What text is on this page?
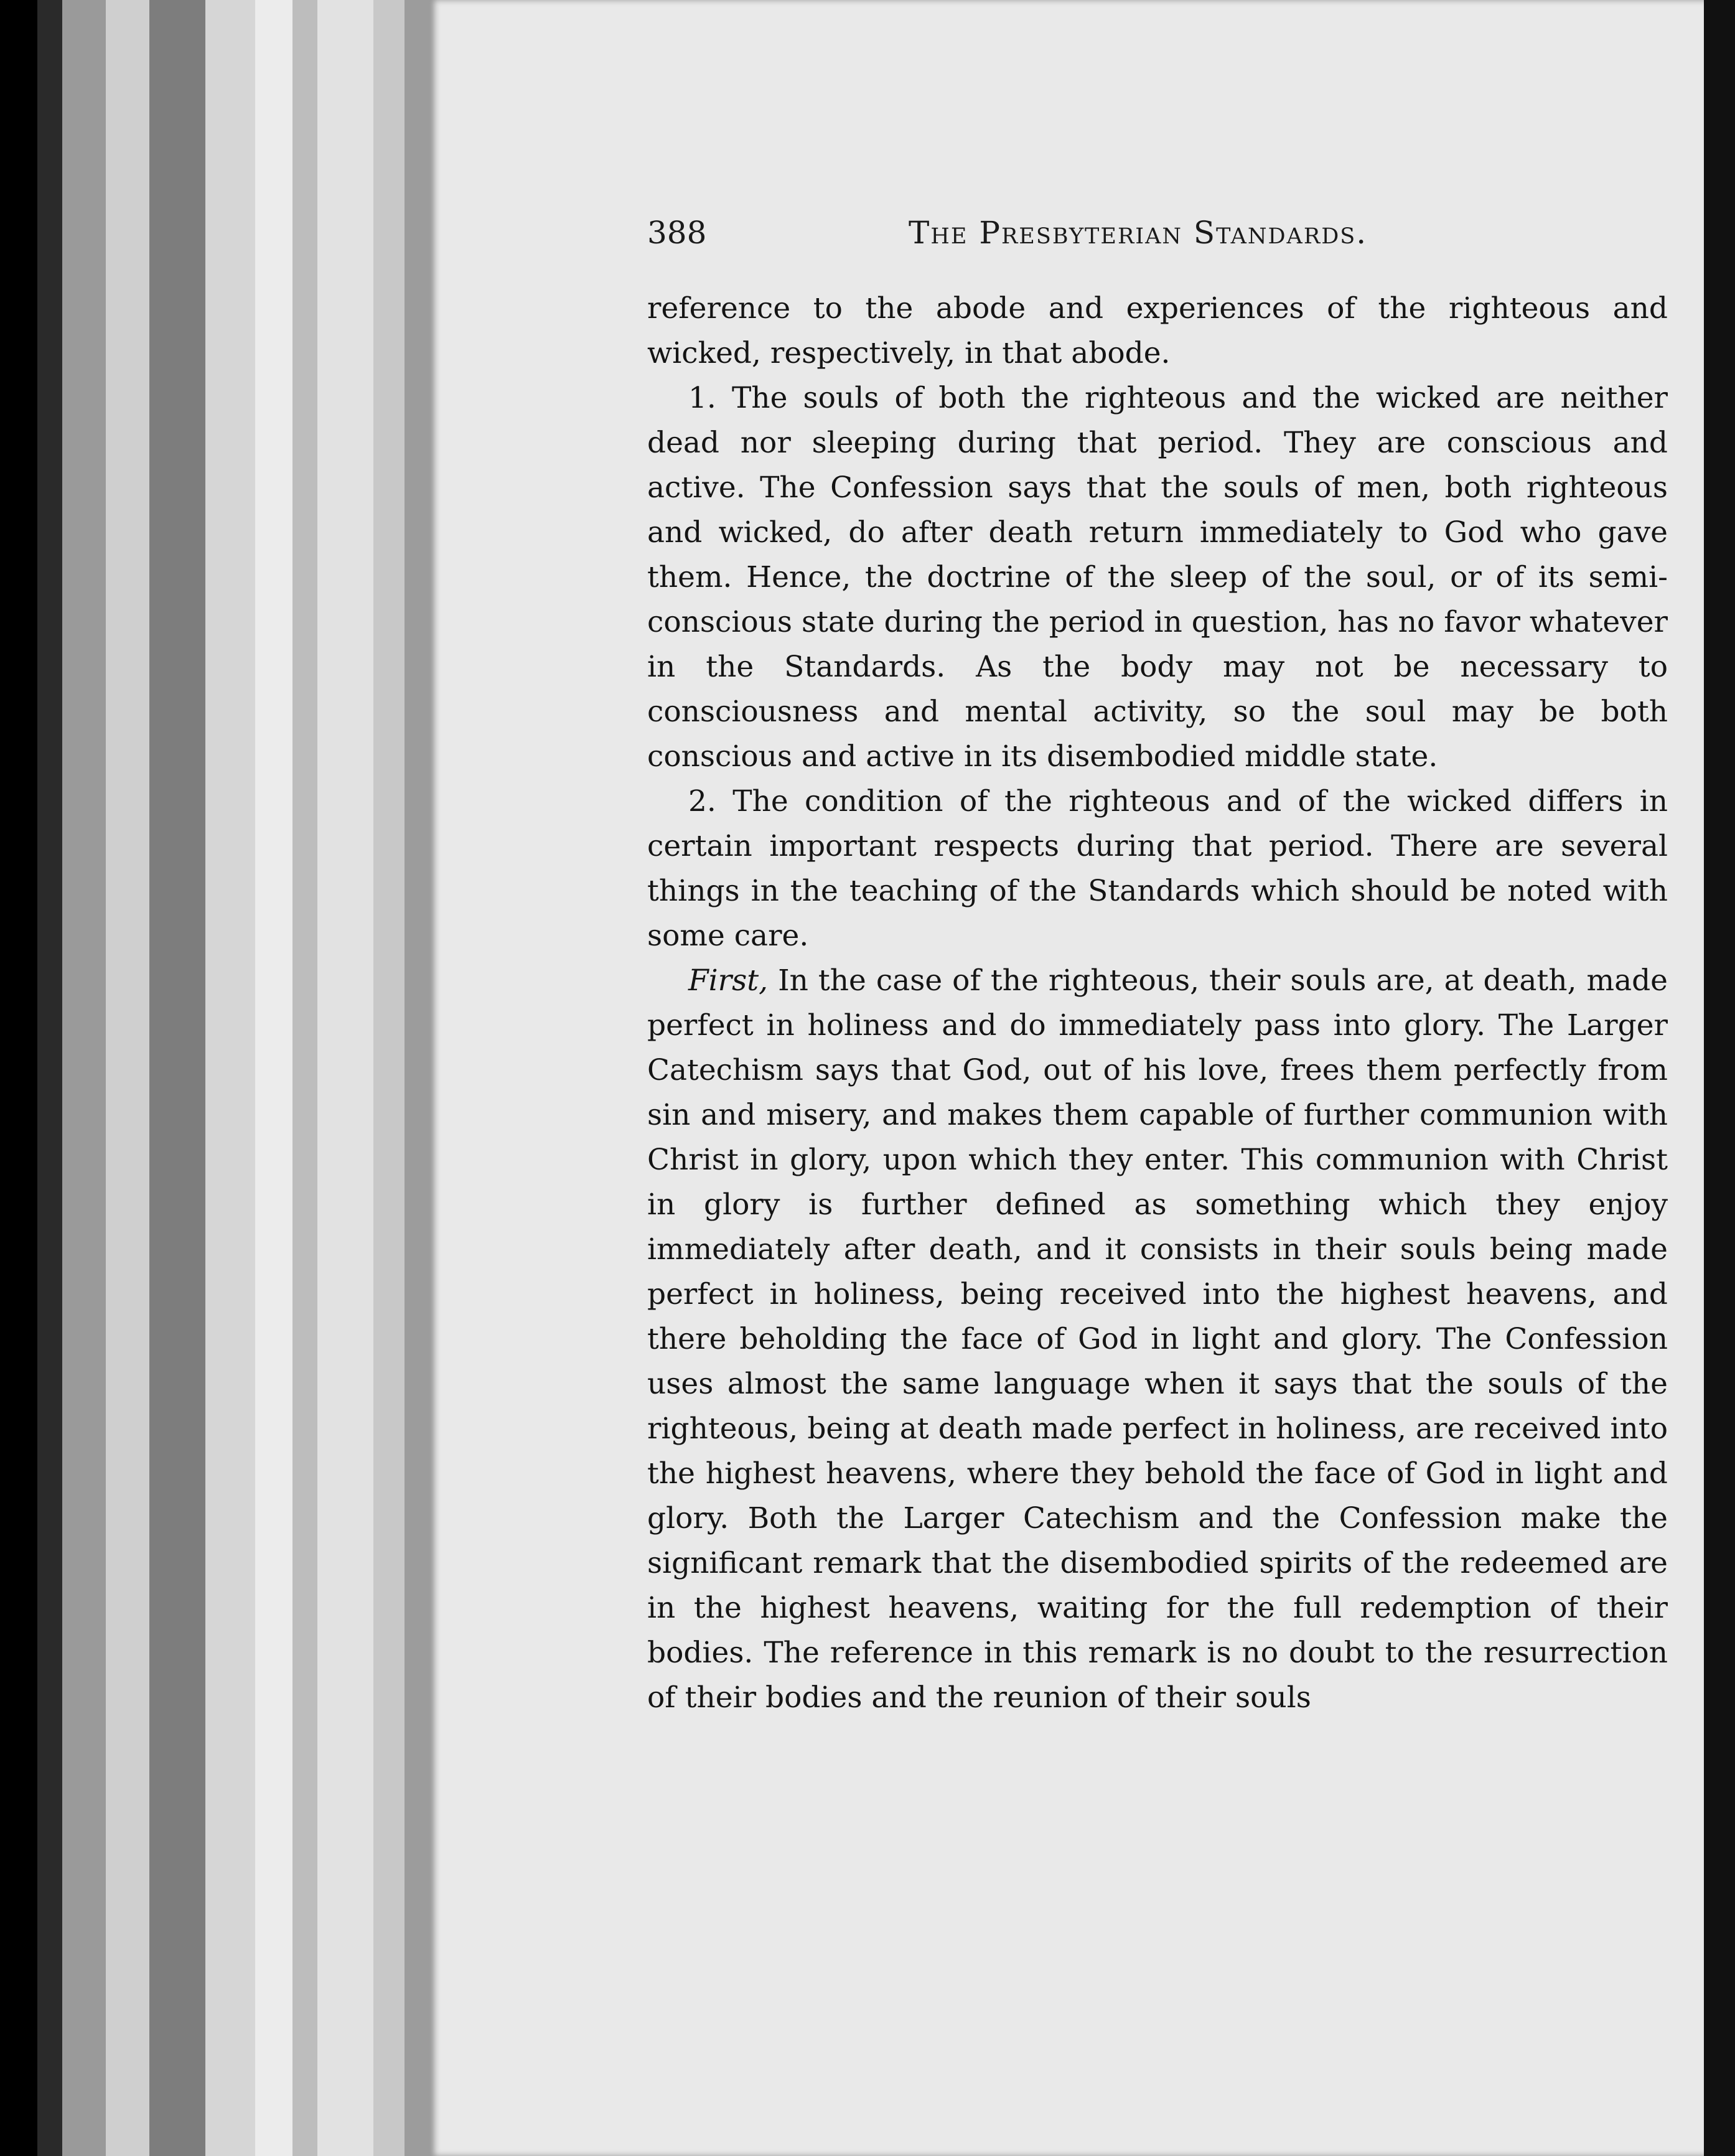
388	The Presbyterian Standards.

reference to the abode and experiences of the righteous and wicked, respectively, in that abode.

1. The souls of both the righteous and the wicked are neither dead nor sleeping during that period. They are conscious and active. The Confession says that the souls of men, both righteous and wicked, do after death return immediately to God who gave them. Hence, the doctrine of the sleep of the soul, or of its semi-conscious state during the period in question, has no favor whatever in the Standards. As the body may not be necessary to consciousness and mental activity, so the soul may be both conscious and active in its disembodied middle state.

2. The condition of the righteous and of the wicked differs in certain important respects during that period. There are several things in the teaching of the Standards which should be noted with some care.

First, In the case of the righteous, their souls are, at death, made perfect in holiness and do immediately pass into glory. The Larger Catechism says that God, out of his love, frees them perfectly from sin and misery, and makes them capable of further communion with Christ in glory, upon which they enter. This communion with Christ in glory is further defined as something which they enjoy immediately after death, and it consists in their souls being made perfect in holiness, being received into the highest heavens, and there beholding the face of God in light and glory. The Confession uses almost the same language when it says that the souls of the righteous, being at death made perfect in holiness, are received into the highest heavens, where they behold the face of God in light and glory. Both the Larger Catechism and the Confession make the significant remark that the disembodied spirits of the redeemed are in the highest heavens, waiting for the full redemption of their bodies. The reference in this remark is no doubt to the resurrection of their bodies and the reunion of their souls
